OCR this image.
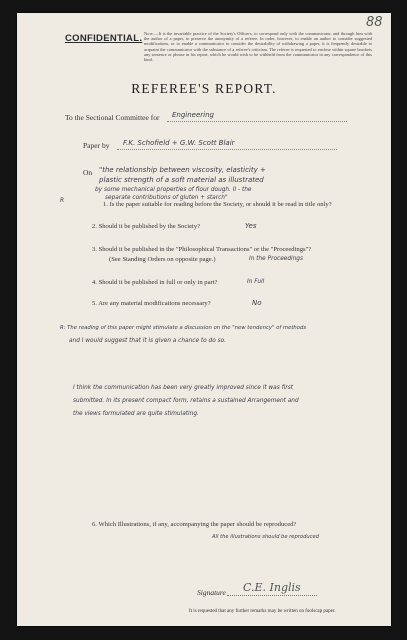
88
CONFIDENTIAL. Note.—It is the invariable practice of the Society's Officers, to correspond only with the communicator, and through him with the author of a paper, to preserve the anonymity of a referee. In order, however, to enable an author to consider suggested modifications, or to enable a communicator to consider the desirability of withdrawing a paper, it is frequently desirable to acquaint the communicator with the substance of a referee's criticism. The referee is requested to enclose within square brackets any sentence or phrase in his report, which he would wish to be withheld from the communicator in any correspondence of this kind.
REFEREE'S REPORT.
To the Sectional Committee for Engineering
Paper by F.K. Schofield + G.W. Scott Blair
On "the relationship between viscosity, elasticity +
plastic strength of a soft material as illustrated
by some mechanical properties of flour dough. II - the
separate contributions of gluten + starch"
R	1. Is the paper suitable for reading before the Society, or should it be read in title only?
2. Should it be published by the Society?	Yes
3. Should it be published in the "Philosophical Transactions" or the "Proceedings"?
(See Standing Orders on opposite page.)	In the Proceedings
4. Should it be published in full or only in part?	In Full
5. Are any material modifications necessary?	No
R: The reading of this paper might stimulate a discussion on the "new tendency" of methods
and I would suggest that it is given a chance to do so.
I think the communication has been very greatly improved since it was first
submitted. In its present compact form, retains a sustained Arrangement and
the views formulated are quite stimulating.
6. Which Illustrations, if any, accompanying the paper should be reproduced?
All the illustrations should be reproduced
Signature C.E. Inglis
It is requested that any further remarks may be written on foolscap paper.
